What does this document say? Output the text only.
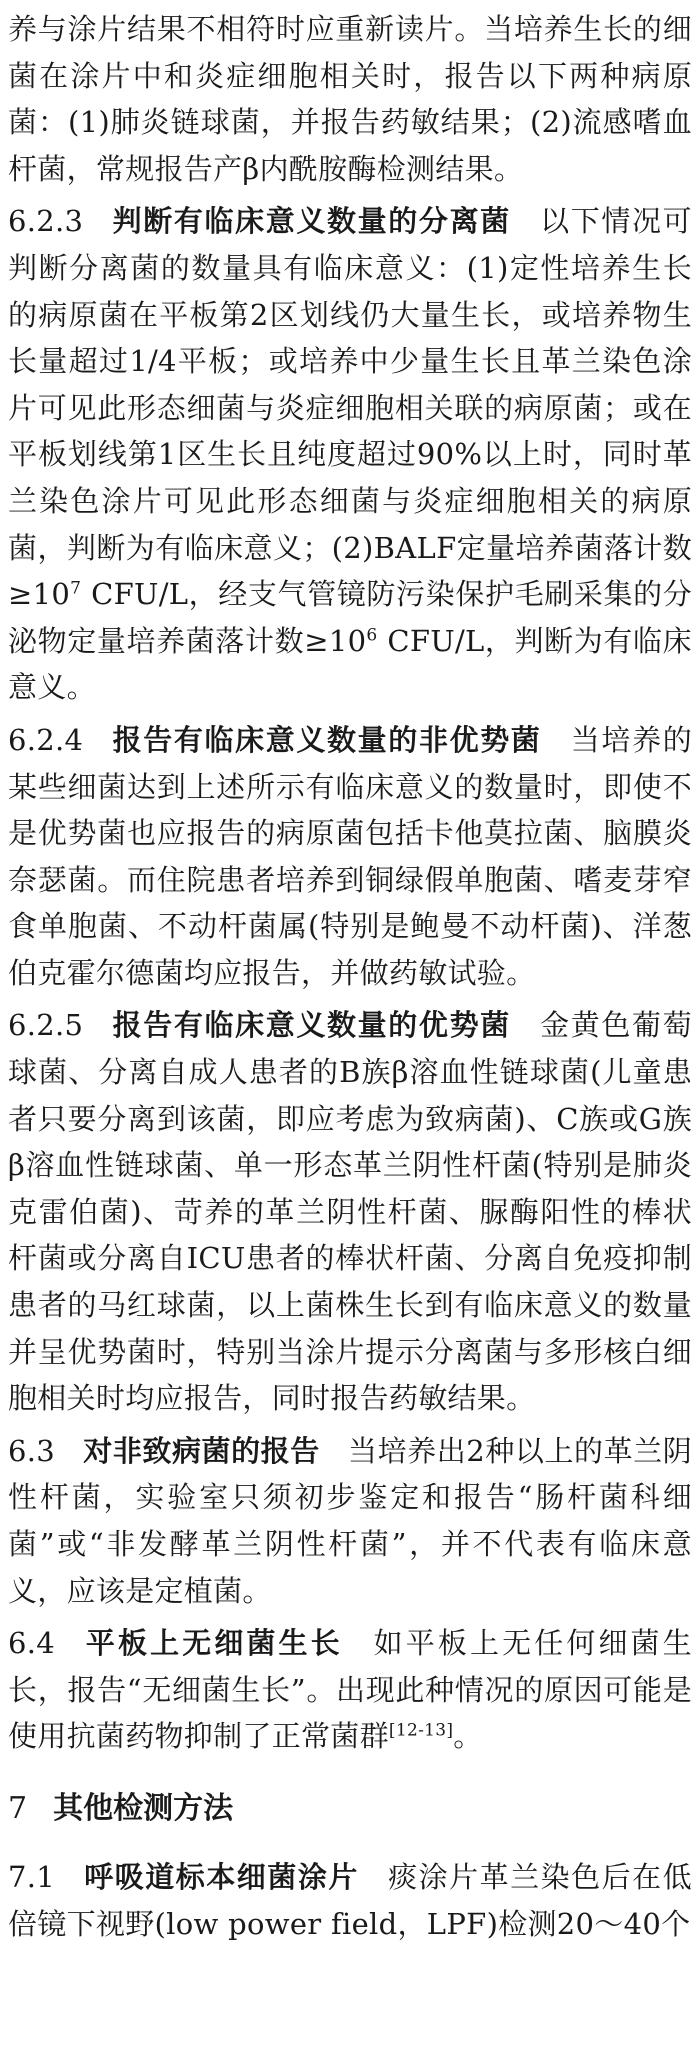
养与涂片结果不相符时应重新读片。当培养生长的细菌在涂片中和炎症细胞相关时，报告以下两种病原菌：(1)肺炎链球菌，并报告药敏结果；(2)流感嗜血杆菌，常规报告产β内酰胺酶检测结果。

6.2.3 判断有临床意义数量的分离菌 以下情况可判断分离菌的数量具有临床意义：(1)定性培养生长的病原菌在平板第2区划线仍大量生长，或培养物生长量超过1/4平板；或培养中少量生长且革兰染色涂片可见此形态细菌与炎症细胞相关联的病原菌；或在平板划线第1区生长且纯度超过90%以上时，同时革兰染色涂片可见此形态细菌与炎症细胞相关的病原菌，判断为有临床意义；(2)BALF定量培养菌落计数$\ge 10^7$ CFU/L，经支气管镜防污染保护毛刷采集的分泌物定量培养菌落计数$\ge 10^6$ CFU/L，判断为有临床意义。

6.2.4 报告有临床意义数量的非优势菌 当培养的某些细菌达到上述所示有临床意义的数量时，即使不是优势菌也应报告的病原菌包括卡他莫拉菌、脑膜炎奈瑟菌。而住院患者培养到铜绿假单胞菌、嗜麦芽窄食单胞菌、不动杆菌属(特别是鲍曼不动杆菌)、洋葱伯克霍尔德菌均应报告，并做药敏试验。

6.2.5 报告有临床意义数量的优势菌 金黄色葡萄球菌、分离自成人患者的B族β溶血性链球菌(儿童患者只要分离到该菌，即应考虑为致病菌)、C族或G族β溶血性链球菌、单一形态革兰阴性杆菌(特别是肺炎克雷伯菌)、苛养的革兰阴性杆菌、脲酶阳性的棒状杆菌或分离自ICU患者的棒状杆菌、分离自免疫抑制患者的马红球菌，以上菌株生长到有临床意义的数量并呈优势菌时，特别当涂片提示分离菌与多形核白细胞相关时均应报告，同时报告药敏结果。

6.3 对非致病菌的报告 当培养出2种以上的革兰阴性杆菌，实验室只须初步鉴定和报告“肠杆菌科细菌”或“非发酵革兰阴性杆菌”，并不代表有临床意义，应该是定植菌。

6.4 平板上无细菌生长 如平板上无任何细菌生长，报告“无细菌生长”。出现此种情况的原因可能是使用抗菌药物抑制了正常菌群[12-13]。

7 其他检测方法

7.1 呼吸道标本细菌涂片 痰涂片革兰染色后在低倍镜下视野(low power field，LPF)检测20～40个
